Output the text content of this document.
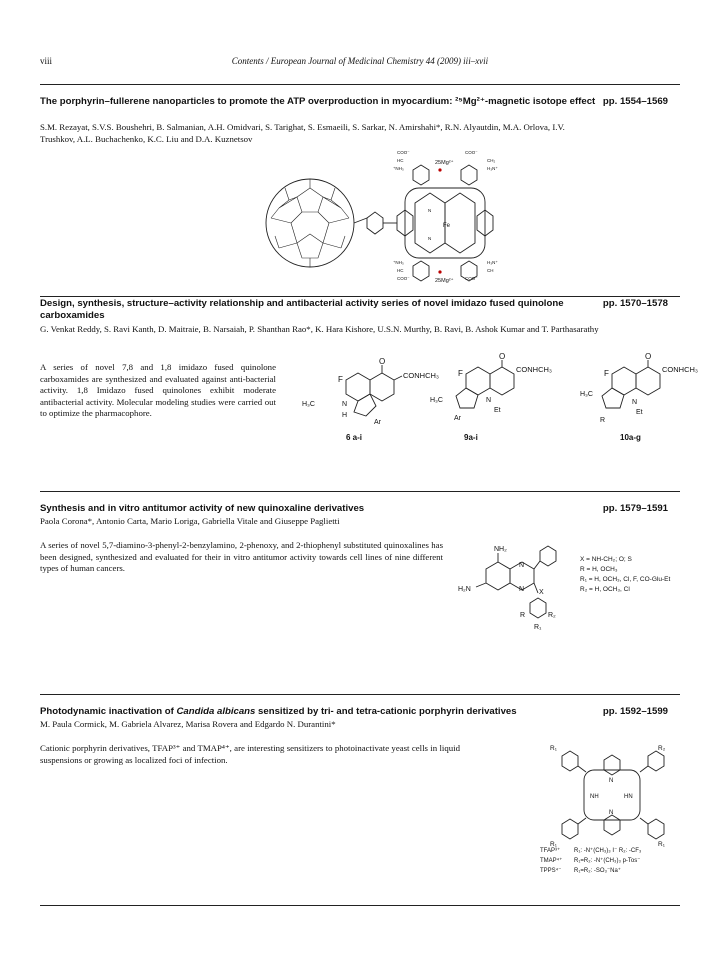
viii	Contents / European Journal of Medicinal Chemistry 44 (2009) iii–xvii
The porphyrin–fullerene nanoparticles to promote the ATP overproduction in myocardium: ²⁵Mg²⁺-magnetic isotope effect pp. 1554–1569
S.M. Rezayat, S.V.S. Boushehri, B. Salmanian, A.H. Omidvari, S. Tarighat, S. Esmaeili, S. Sarkar, N. Amirshahi*, R.N. Alyautdin, M.A. Orlova, I.V. Trushkov, A.L. Buchachenko, K.C. Liu and D.A. Kuznetsov
Fe
25Mg²⁺
25Mg²⁺
COO⁻	COO⁻
HC	CH₂
⁺NH₃	H₃N⁺
HC	CH
⁺NH₃	H₃N⁺
COO⁻	COO⁻
N
N
Design, synthesis, structure–activity relationship and antibacterial activity series of novel imidazo fused quinolone carboxamides
pp. 1570–1578
G. Venkat Reddy, S. Ravi Kanth, D. Maitraie, B. Narsaiah, P. Shanthan Rao*, K. Hara Kishore, U.S.N. Murthy, B. Ravi, B. Ashok Kumar and T. Parthasarathy
A series of novel 7,8 and 1,8 imidazo fused quinolone carboxamides are synthesized and evaluated against anti-bacterial activity. 1,8 Imidazo fused quinolones exhibit moderate antibacterial activity. Molecular modeling studies were carried out to optimize the pharmacophore.
O
F	CONHCH₃
H₃C	N
H
Ar
6 a-i
O
F	CONHCH₃
H₃C	N
Et
Ar
9a-i
O
F	CONHCH₃
H₃C
N
Et
R
10a-g
Synthesis and in vitro antitumor activity of new quinoxaline derivatives	pp. 1579–1591
Paola Corona*, Antonio Carta, Mario Loriga, Gabriella Vitale and Giuseppe Paglietti
A series of novel 5,7-diamino-3-phenyl-2-benzylamino, 2-phenoxy, and 2-thiophenyl substituted quinoxalines has been designed, synthesized and evaluated for their in vitro antitumor activity towards cell lines of nine different types of human cancers.
NH₂
H₂N
N
N X
R	R₂
R₁
X = NH-CH₂; O; S
R = H, OCH₃
R₁ = H, OCH₃, Cl, F, CO-Glu-Et
R₂ = H, OCH₃, Cl
Photodynamic inactivation of Candida albicans sensitized by tri- and tetra-cationic porphyrin derivatives	pp. 1592–1599
M. Paula Cormick, M. Gabriela Alvarez, Marisa Rovera and Edgardo N. Durantini*
Cationic porphyrin derivatives, TFAP³⁺ and TMAP⁴⁺, are interesting sensitizers to photoinactivate yeast cells in liquid suspensions or growing as localized foci of infection.
R₁	R₂
R₁	R₁
N
N
NH	HN
TFAP³⁺ R₁: -N⁺(CH₃)₃ I⁻ R₂: -CF₃
TMAP⁴⁺ R₁=R₂: -N⁺(CH₃)₃ p-Tos⁻
TPPS⁴⁻ R₁=R₂: -SO₃⁻Na⁺
